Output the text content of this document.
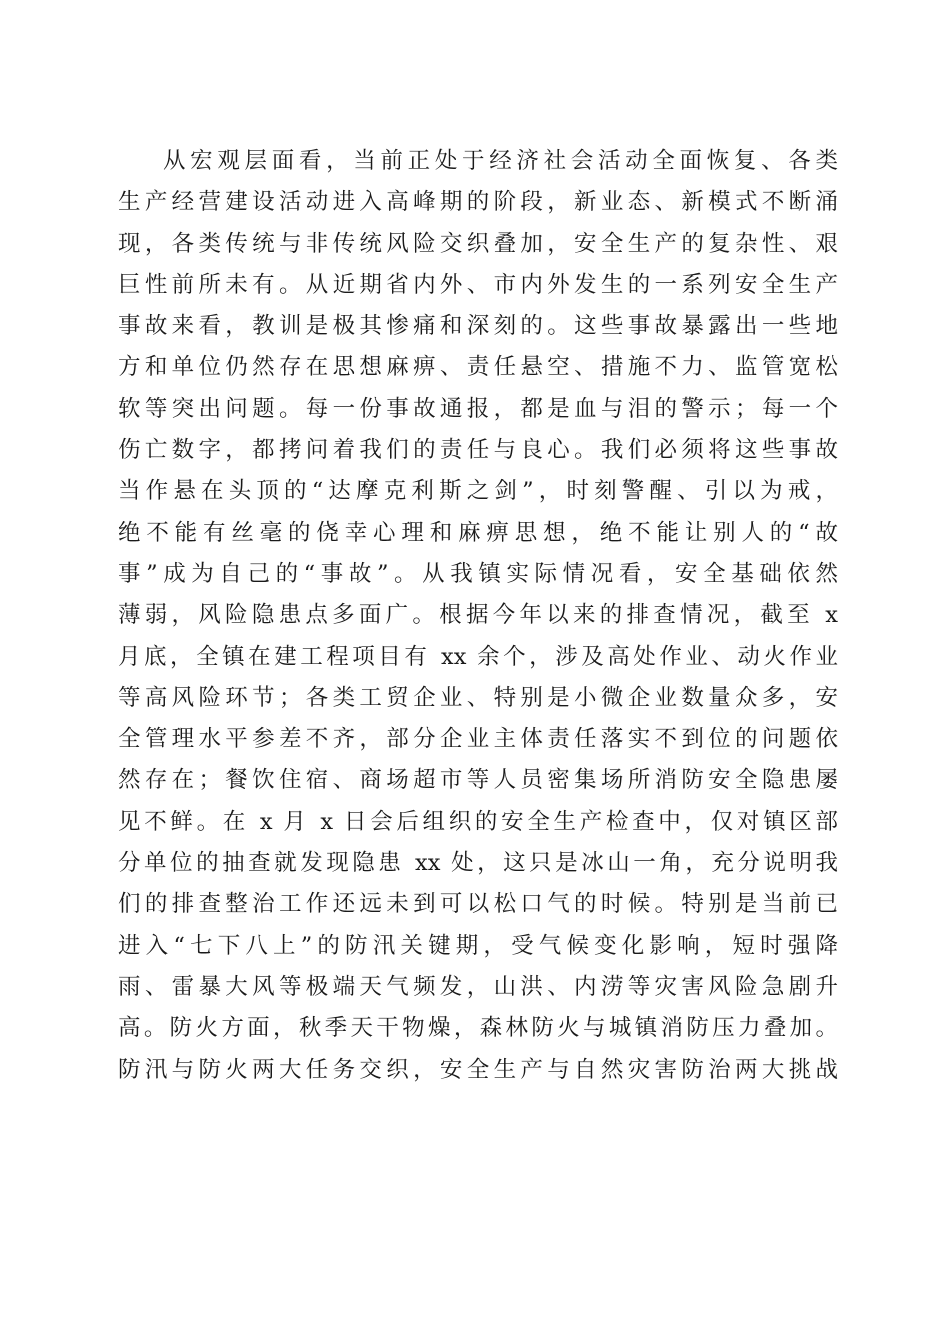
从宏观层面看，当前正处于经济社会活动全面恢复、各类
生产经营建设活动进入高峰期的阶段，新业态、新模式不断涌
现，各类传统与非传统风险交织叠加，安全生产的复杂性、艰
巨性前所未有。从近期省内外、市内外发生的一系列安全生产
事故来看，教训是极其惨痛和深刻的。这些事故暴露出一些地
方和单位仍然存在思想麻痹、责任悬空、措施不力、监管宽松
软等突出问题。每一份事故通报，都是血与泪的警示；每一个
伤亡数字，都拷问着我们的责任与良心。我们必须将这些事故
当作悬在头顶的“达摩克利斯之剑”，时刻警醒、引以为戒，
绝不能有丝毫的侥幸心理和麻痹思想，绝不能让别人的“故
事”成为自己的“事故”。从我镇实际情况看，安全基础依然
薄弱，风险隐患点多面广。根据今年以来的排查情况，截至 x
月底，全镇在建工程项目有 xx 余个，涉及高处作业、动火作业
等高风险环节；各类工贸企业、特别是小微企业数量众多，安
全管理水平参差不齐，部分企业主体责任落实不到位的问题依
然存在；餐饮住宿、商场超市等人员密集场所消防安全隐患屡
见不鲜。在 x 月 x 日会后组织的安全生产检查中，仅对镇区部
分单位的抽查就发现隐患 xx 处，这只是冰山一角，充分说明我
们的排查整治工作还远未到可以松口气的时候。特别是当前已
进入“七下八上”的防汛关键期，受气候变化影响，短时强降
雨、雷暴大风等极端天气频发，山洪、内涝等灾害风险急剧升
高。防火方面，秋季天干物燥，森林防火与城镇消防压力叠加。
防汛与防火两大任务交织，安全生产与自然灾害防治两大挑战
